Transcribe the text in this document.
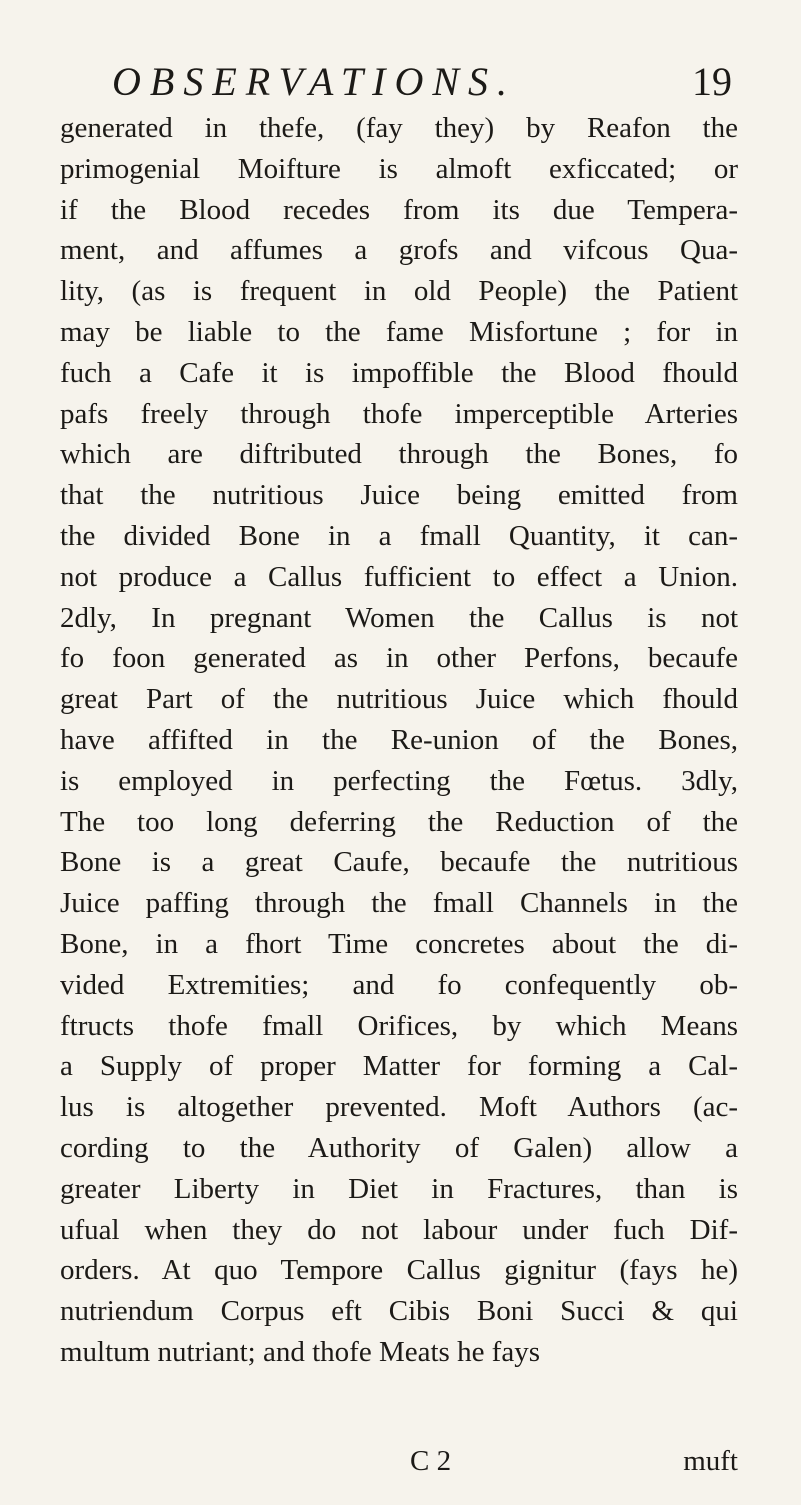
OBSERVATIONS.	19
generated in thefe, (fay they) by Reafon the
primogenial Moifture is almoft exficcated; or
if the Blood recedes from its due Tempera-
ment, and affumes a grofs and vifcous Qua-
lity, (as is frequent in old People) the Patient
may be liable to the fame Misfortune ; for in
fuch a Cafe it is impoffible the Blood fhould
pafs freely through thofe imperceptible Arteries
which are diftributed through the Bones, fo
that the nutritious Juice being emitted from
the divided Bone in a fmall Quantity, it can-
not produce a Callus fufficient to effect a Union.
2dly, In pregnant Women the Callus is not
fo foon generated as in other Perfons, becaufe
great Part of the nutritious Juice which fhould
have affifted in the Re-union of the Bones,
is employed in perfecting the Fœtus. 3dly,
The too long deferring the Reduction of the
Bone is a great Caufe, becaufe the nutritious
Juice paffing through the fmall Channels in the
Bone, in a fhort Time concretes about the di-
vided Extremities; and fo confequently ob-
ftructs thofe fmall Orifices, by which Means
a Supply of proper Matter for forming a Cal-
lus is altogether prevented. Moft Authors (ac-
cording to the Authority of Galen) allow a
greater Liberty in Diet in Fractures, than is
ufual when they do not labour under fuch Dif-
orders. At quo Tempore Callus gignitur (fays he)
nutriendum Corpus eft Cibis Boni Succi & qui
multum nutriant; and thofe Meats he fays
C 2	muft
